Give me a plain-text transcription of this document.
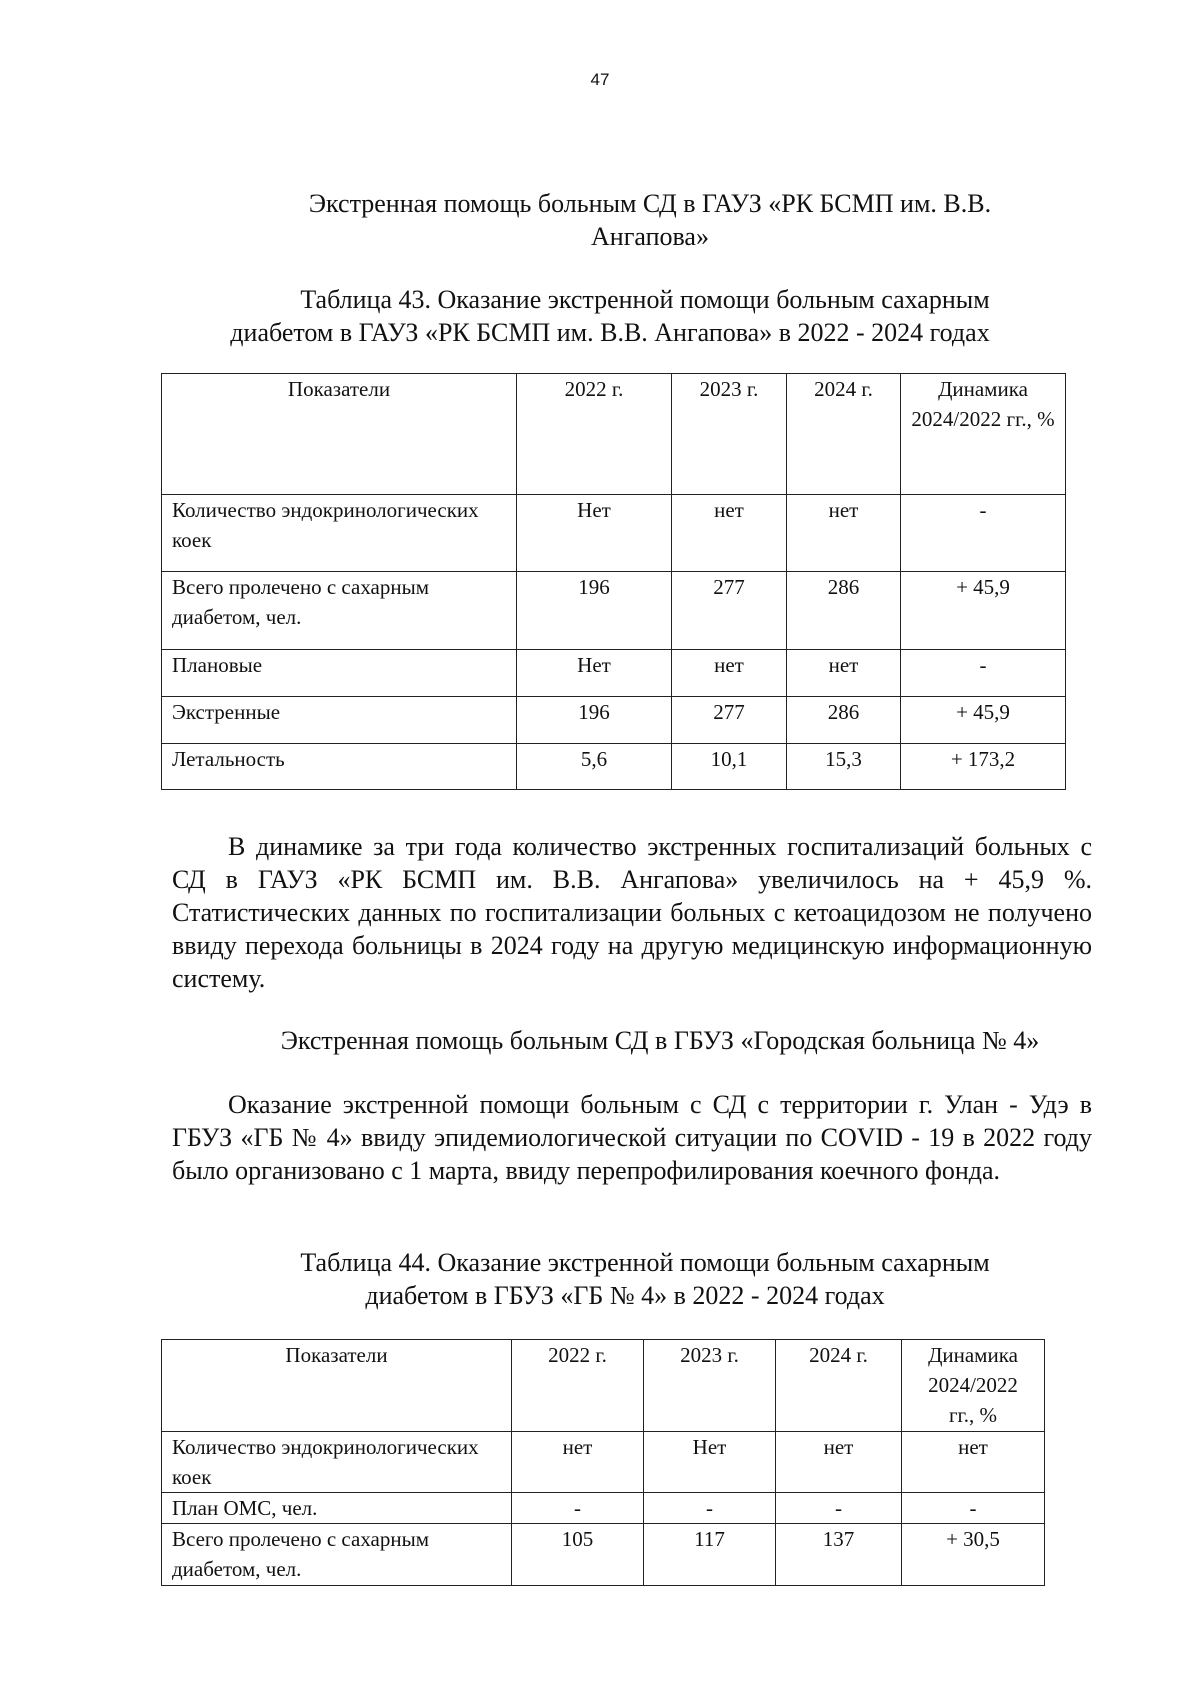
47
Экстренная помощь больным СД в ГАУЗ «РК БСМП им. В.В.
Ангапова»
Таблица 43. Оказание экстренной помощи больным сахарным
диабетом в ГАУЗ «РК БСМП им. В.В. Ангапова» в 2022 - 2024 годах
Показатели	2022 г.	2023 г.	2024 г.	Динамика 2024/2022 гг., %
Количество эндокринологических коек	Нет	нет	нет	-
Всего пролечено с сахарным диабетом, чел.	196	277	286	+ 45,9
Плановые	Нет	нет	нет	-
Экстренные	196	277	286	+ 45,9
Летальность	5,6	10,1	15,3	+ 173,2

В динамике за три года количество экстренных госпитализаций больных с СД в ГАУЗ «РК БСМП им. В.В. Ангапова» увеличилось на + 45,9 %. Статистических данных по госпитализации больных с кетоацидозом не получено ввиду перехода больницы в 2024 году на другую медицинскую информационную систему.

Экстренная помощь больным СД в ГБУЗ «Городская больница № 4»

Оказание экстренной помощи больным с СД с территории г. Улан - Удэ в ГБУЗ «ГБ № 4» ввиду эпидемиологической ситуации по COVID - 19 в 2022 году было организовано с 1 марта, ввиду перепрофилирования коечного фонда.

Таблица 44. Оказание экстренной помощи больным сахарным
диабетом в ГБУЗ «ГБ № 4» в 2022 - 2024 годах
Показатели	2022 г.	2023 г.	2024 г.	Динамика 2024/2022 гг., %
Количество эндокринологических коек	нет	Нет	нет	нет
План ОМС, чел.	-	-	-	-
Всего пролечено с сахарным диабетом, чел.	105	117	137	+ 30,5
